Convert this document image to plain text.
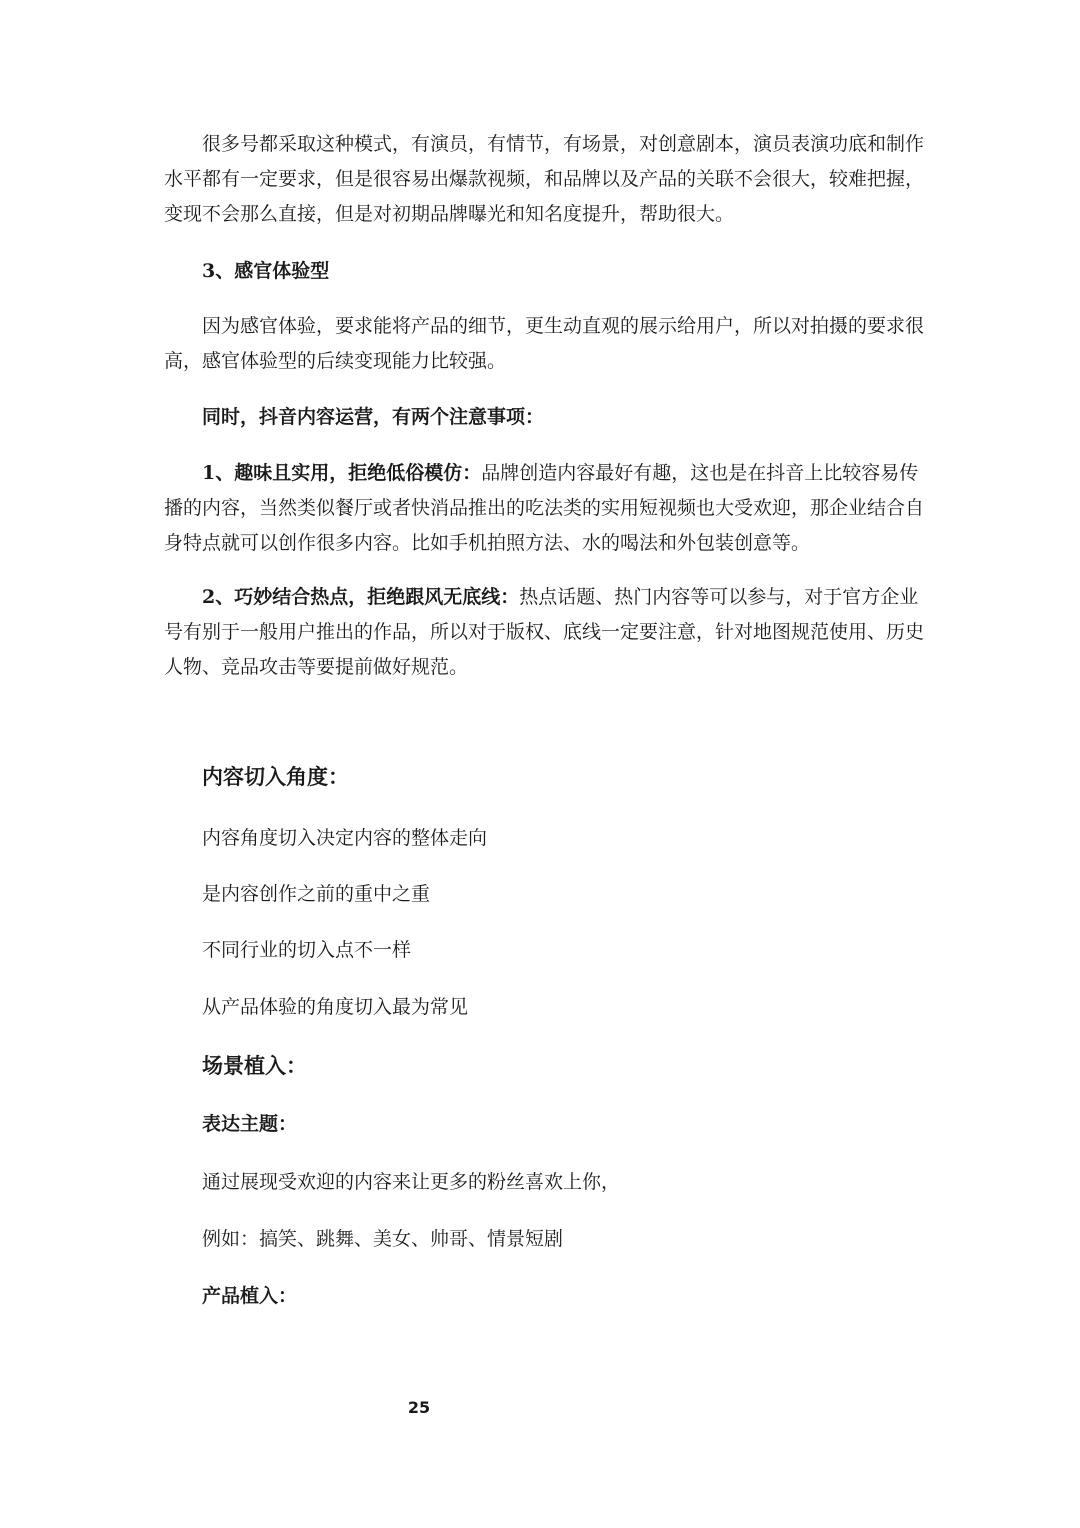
很多号都采取这种模式，有演员，有情节，有场景，对创意剧本，演员表演功底和制作水平都有一定要求，但是很容易出爆款视频，和品牌以及产品的关联不会很大，较难把握，变现不会那么直接，但是对初期品牌曝光和知名度提升，帮助很大。

3、感官体验型

因为感官体验，要求能将产品的细节，更生动直观的展示给用户，所以对拍摄的要求很高，感官体验型的后续变现能力比较强。

同时，抖音内容运营，有两个注意事项：

1、趣味且实用，拒绝低俗模仿：品牌创造内容最好有趣，这也是在抖音上比较容易传播的内容，当然类似餐厅或者快消品推出的吃法类的实用短视频也大受欢迎，那企业结合自身特点就可以创作很多内容。比如手机拍照方法、水的喝法和外包装创意等。

2、巧妙结合热点，拒绝跟风无底线：热点话题、热门内容等可以参与，对于官方企业号有别于一般用户推出的作品，所以对于版权、底线一定要注意，针对地图规范使用、历史人物、竞品攻击等要提前做好规范。

内容切入角度：

内容角度切入决定内容的整体走向

是内容创作之前的重中之重

不同行业的切入点不一样

从产品体验的角度切入最为常见

场景植入：

表达主题：

通过展现受欢迎的内容来让更多的粉丝喜欢上你，

例如：搞笑、跳舞、美女、帅哥、情景短剧

产品植入：

25
